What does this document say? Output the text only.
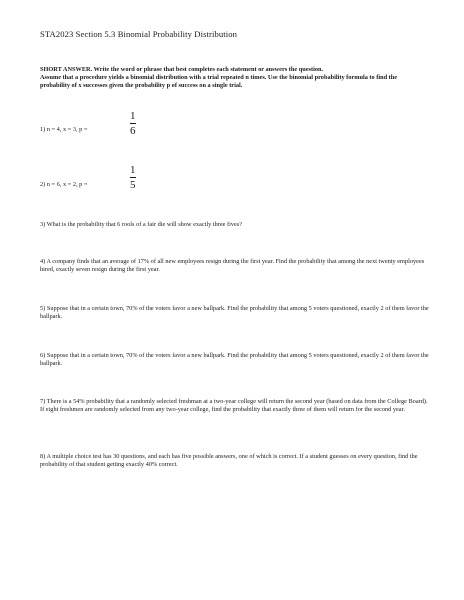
STA2023 Section 5.3 Binomial Probability Distribution
SHORT ANSWER. Write the word or phrase that best completes each statement or answers the question.
Assume that a procedure yields a binomial distribution with a trial repeated n times. Use the binomial probability formula to find the probability of x successes given the probability p of success on a single trial.
1) n = 4, x = 3, p =
1
6
2) n = 6, x = 2, p =
1
5
3) What is the probability that 6 rools of a fair die will show exactly three fives?
4) A company finds that an average of 17% of all new employees resign during the first year. Find the probability that among the next twenty employees hired, exactly seven resign during the first year.
5) Suppose that in a certain town, 70% of the voters favor a new ballpark. Find the probability that among 5 voters questioned, exactly 2 of them favor the ballpark.
6) Suppose that in a certain town, 70% of the voters favor a new ballpark. Find the probability that among 5 voters questioned, exactly 2 of them favor the ballpark.
7) There is a 54% probability that a randomly selected freshman at a two-year college will return the second year (based on data from the College Board). If eight freshmen are randomly selected from any two-year college, find the probability that exactly three of them will return for the second year.
8) A multiple choice test has 30 questions, and each has five possible answers, one of which is correct. If a student guesses on every question, find the probability of that student getting exactly 40% correct.
